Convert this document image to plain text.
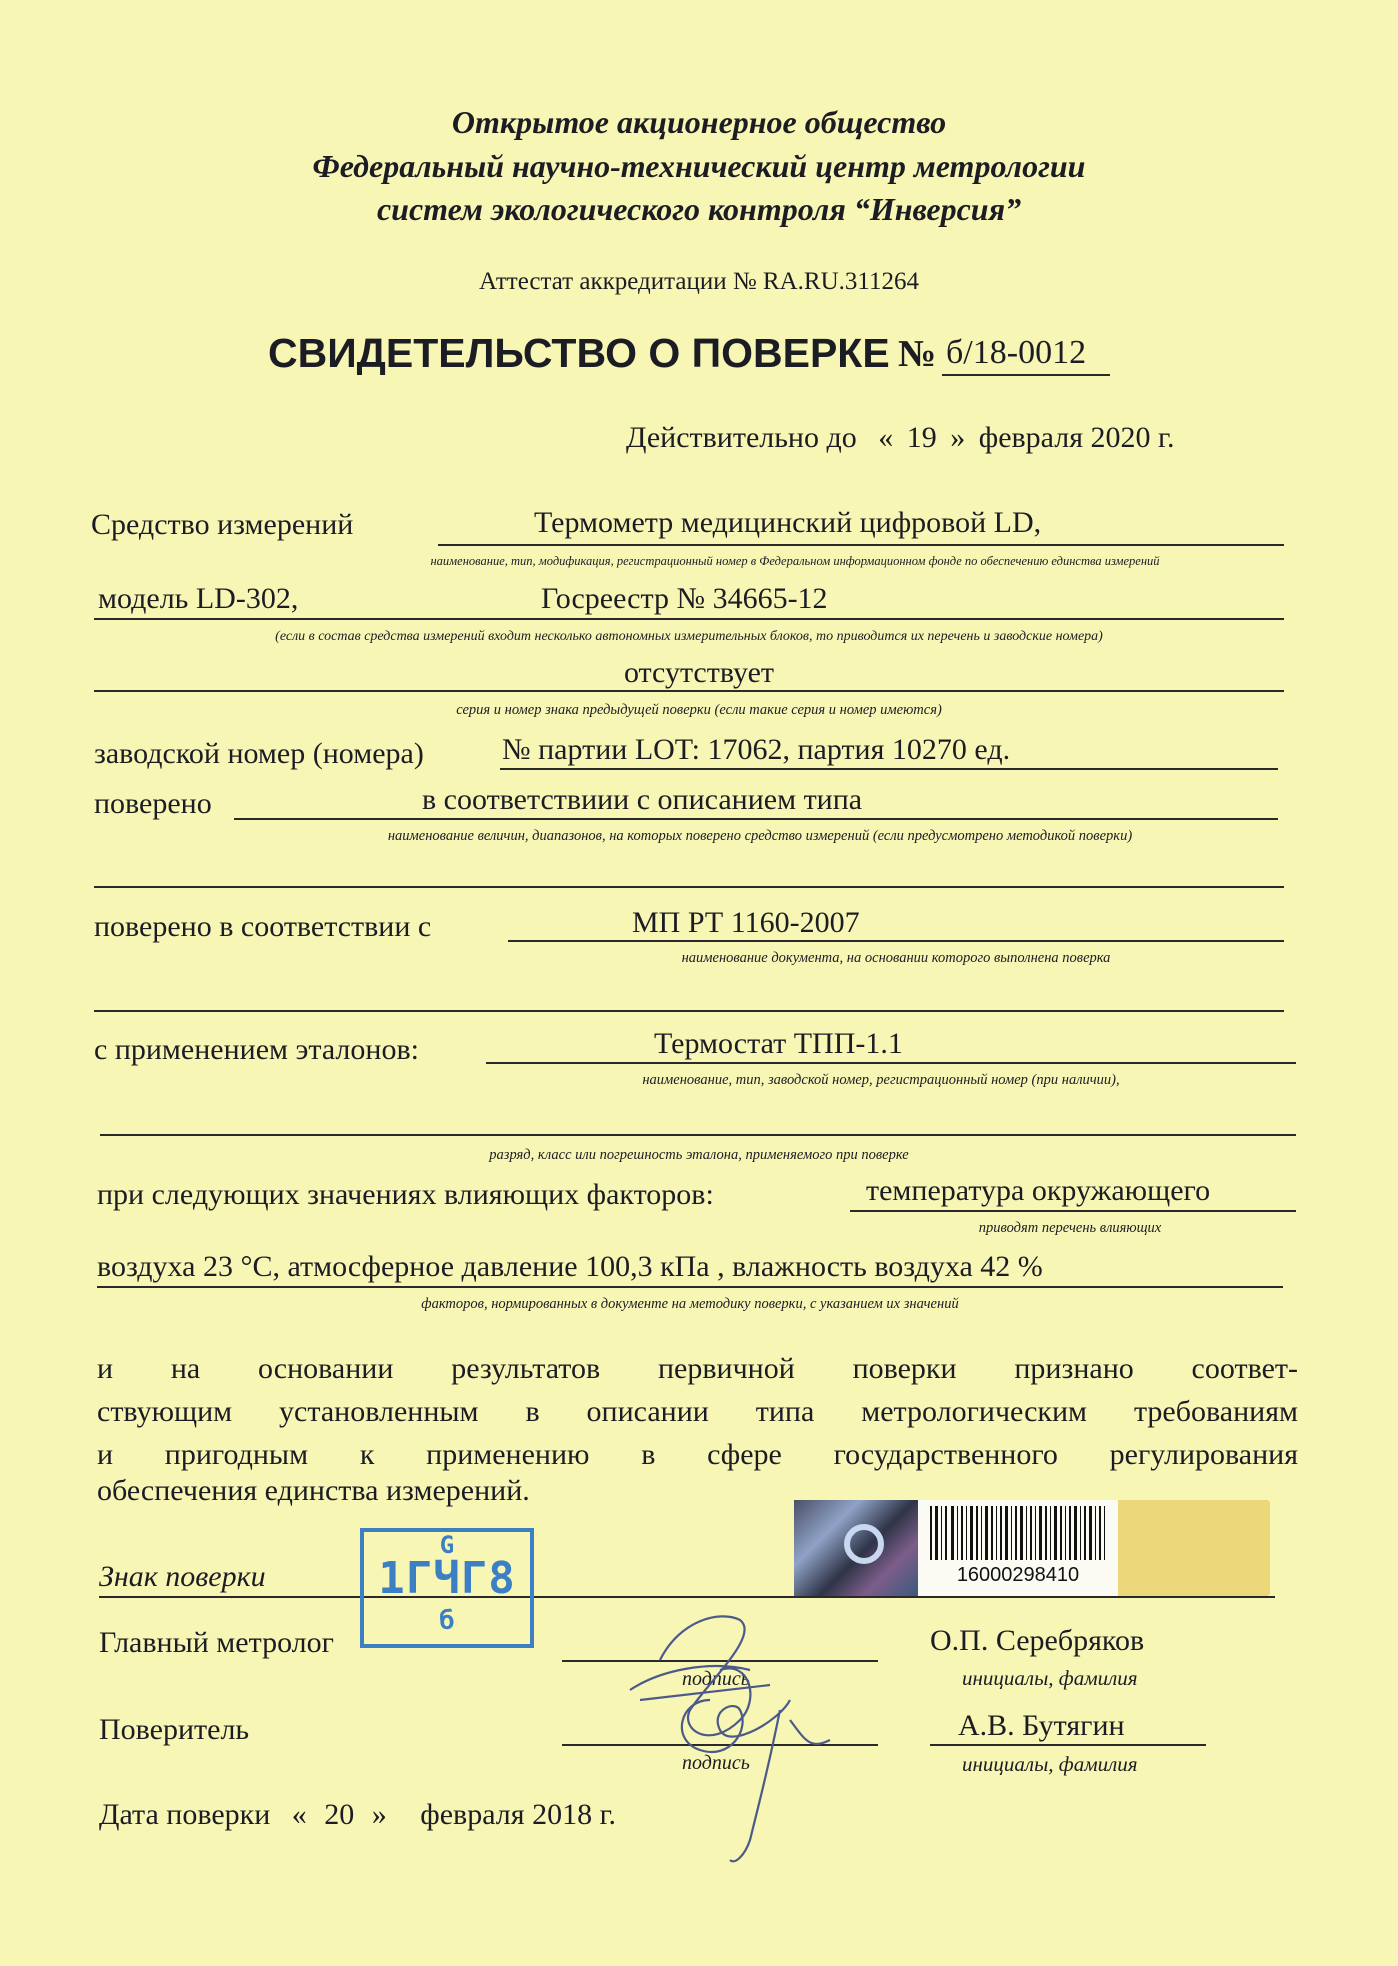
Открытое акционерное общество
Федеральный научно-технический центр метрологии
систем экологического контроля “Инверсия”
Аттестат аккредитации № RA.RU.311264
СВИДЕТЕЛЬСТВО О ПОВЕРКЕ № б/18-0012
Действительно до « 19 » февраля 2020 г.
Средство измерений	Термометр медицинский цифровой LD,
наименование, тип, модификация, регистрационный номер в Федеральном информационном фонде по обеспечению единства измерений
модель LD-302,	Госреестр № 34665-12
(если в состав средства измерений входит несколько автономных измерительных блоков, то приводится их перечень и заводские номера)
отсутствует
серия и номер знака предыдущей поверки (если такие серия и номер имеются)
заводской номер (номера)	№ партии LOT: 17062, партия 10270 ед.
поверено	в соответствиии с описанием типа
наименование величин, диапазонов, на которых поверено средство измерений (если предусмотрено методикой поверки)
поверено в соответствии с	МП РТ 1160-2007
наименование документа, на основании которого выполнена поверка
с применением эталонов:	Термостат ТПП-1.1
наименование, тип, заводской номер, регистрационный номер (при наличии),
разряд, класс или погрешность эталона, применяемого при поверке
при следующих значениях влияющих факторов:	температура окружающего
приводят перечень влияющих
воздуха 23 °С, атмосферное давление 100,3 кПа , влажность воздуха 42 %
факторов, нормированных в документе на методику поверки, с указанием их значений
и на основании результатов первичной поверки признано соответ-
ствующим установленным в описании типа метрологическим требованиям
и пригодным к применению в сфере государственного регулирования
обеспечения единства измерений.
Знак поверки
G
1ГЧГ8
б
16000298410
Главный метролог
подпись
О.П. Серебряков
инициалы, фамилия
Поверитель
подпись
А.В. Бутягин
инициалы, фамилия
Дата поверки « 20 » февраля 2018 г.
